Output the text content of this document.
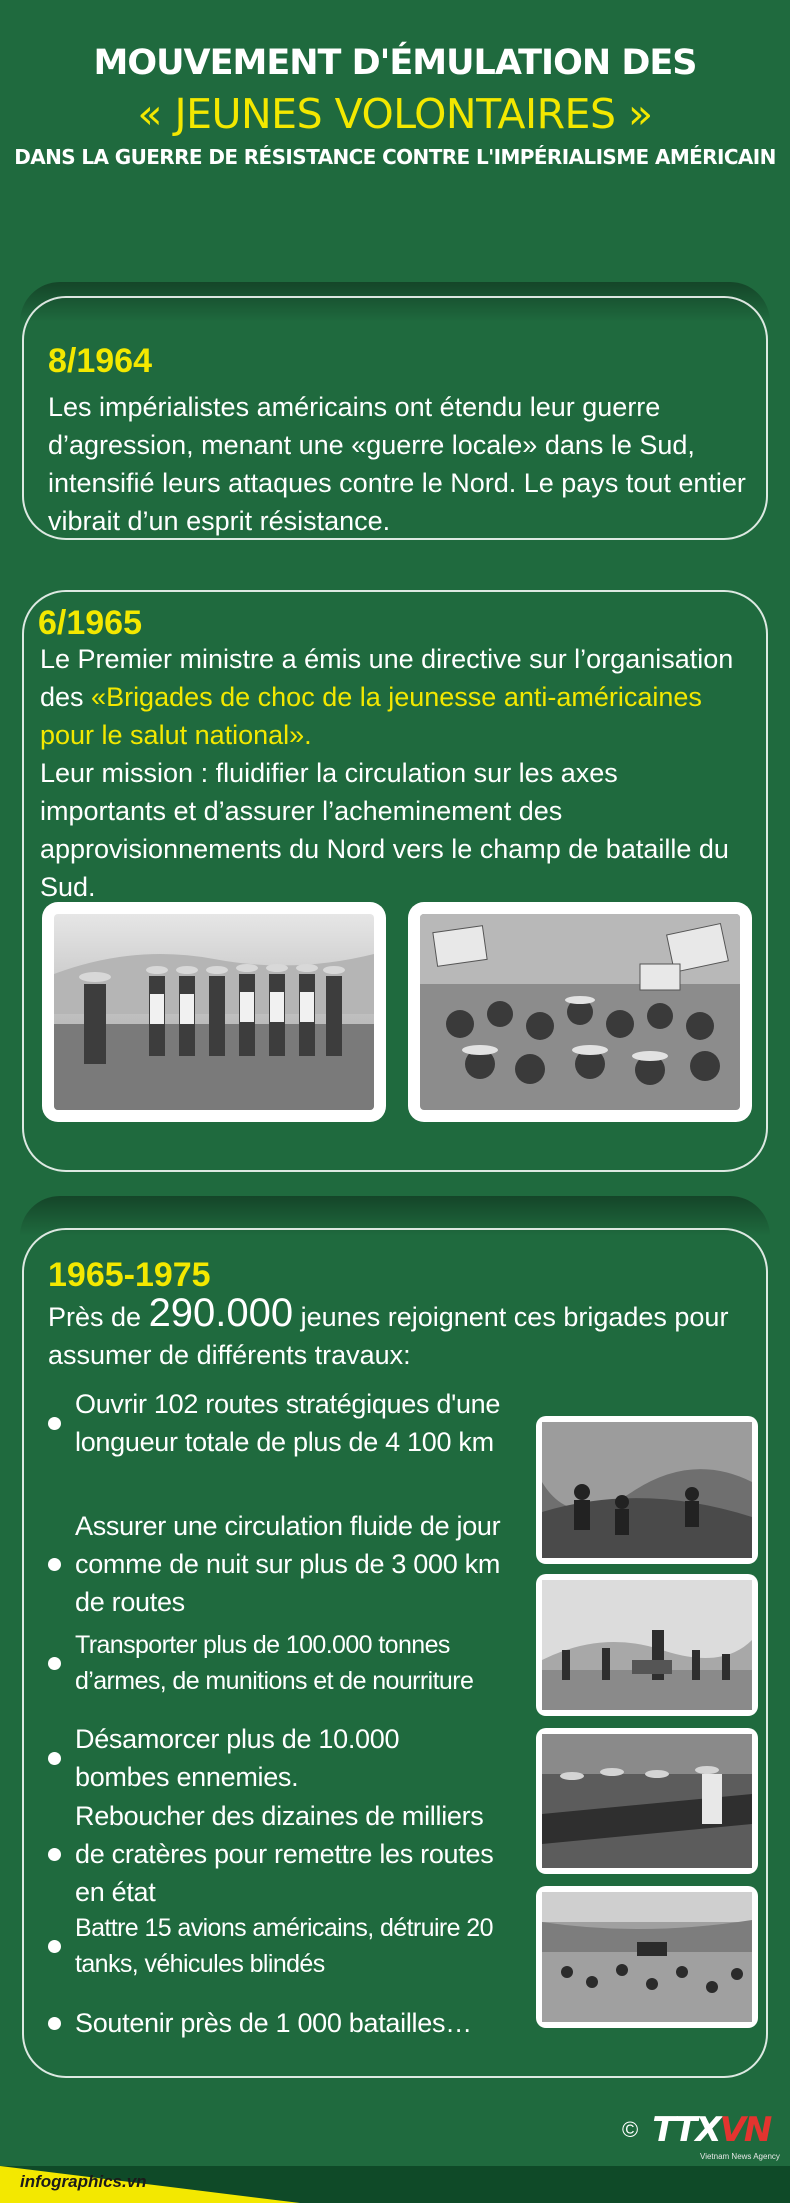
MOUVEMENT D'ÉMULATION DES
« JEUNES VOLONTAIRES »
DANS LA GUERRE DE RÉSISTANCE CONTRE L'IMPÉRIALISME AMÉRICAIN
8/1964
Les impérialistes américains ont étendu leur guerre d’agression, menant une «guerre locale» dans le Sud, intensifié leurs attaques contre le Nord. Le pays tout entier vibrait d’un esprit résistance.
6/1965
Le Premier ministre a émis une directive sur l’organisation des «Brigades de choc de la jeunesse anti-américaines pour le salut national».
Leur mission : fluidifier la circulation sur les axes importants et d’assurer l’acheminement des approvisionnements du Nord vers le champ de bataille du Sud.
1965-1975
Près de 290.000 jeunes rejoignent ces brigades pour assumer de différents travaux:
Ouvrir 102 routes stratégiques d'une longueur totale de plus de 4 100 km
Assurer une circulation fluide de jour comme de nuit sur plus de 3 000 km de routes
Transporter plus de 100.000 tonnes d’armes, de munitions et de nourriture
Désamorcer plus de 10.000 bombes ennemies.
Reboucher des dizaines de milliers de cratères pour remettre les routes en état
Battre 15 avions américains, détruire 20 tanks, véhicules blindés
Soutenir près de 1 000 batailles…
© TTXVN
Vietnam News Agency
infographics.vn
